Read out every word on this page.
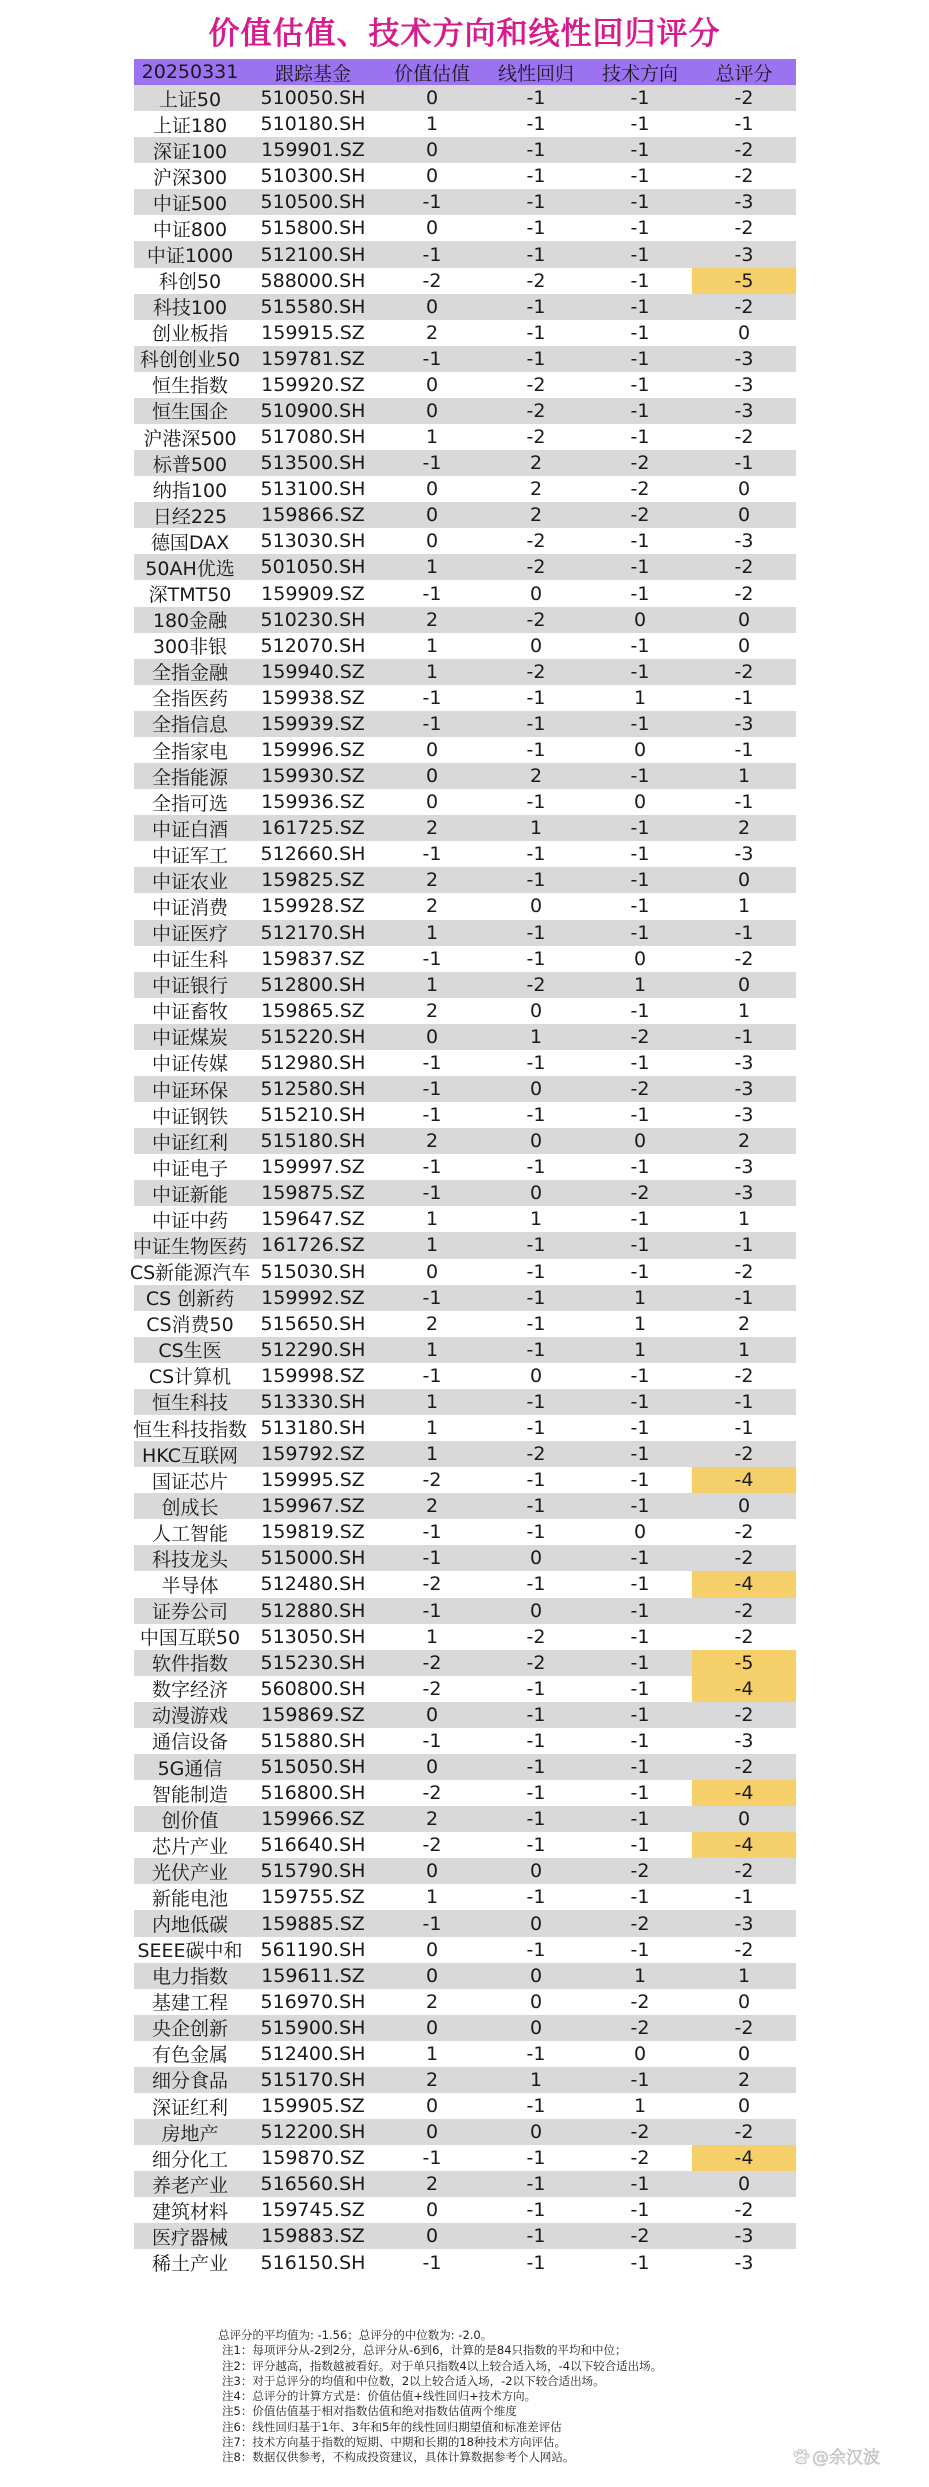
价值估值、技术方向和线性回归评分
20250331	跟踪基金	价值估值	线性回归	技术方向	总评分
上证50	510050.SH	0	-1	-1	-2
上证180	510180.SH	1	-1	-1	-1
深证100	159901.SZ	0	-1	-1	-2
沪深300	510300.SH	0	-1	-1	-2
中证500	510500.SH	-1	-1	-1	-3
中证800	515800.SH	0	-1	-1	-2
中证1000	512100.SH	-1	-1	-1	-3
科创50	588000.SH	-2	-2	-1	-5
科技100	515580.SH	0	-1	-1	-2
创业板指	159915.SZ	2	-1	-1	0
科创创业50	159781.SZ	-1	-1	-1	-3
恒生指数	159920.SZ	0	-2	-1	-3
恒生国企	510900.SH	0	-2	-1	-3
沪港深500	517080.SH	1	-2	-1	-2
标普500	513500.SH	-1	2	-2	-1
纳指100	513100.SH	0	2	-2	0
日经225	159866.SZ	0	2	-2	0
德国DAX	513030.SH	0	-2	-1	-3
50AH优选	501050.SH	1	-2	-1	-2
深TMT50	159909.SZ	-1	0	-1	-2
180金融	510230.SH	2	-2	0	0
300非银	512070.SH	1	0	-1	0
全指金融	159940.SZ	1	-2	-1	-2
全指医药	159938.SZ	-1	-1	1	-1
全指信息	159939.SZ	-1	-1	-1	-3
全指家电	159996.SZ	0	-1	0	-1
全指能源	159930.SZ	0	2	-1	1
全指可选	159936.SZ	0	-1	0	-1
中证白酒	161725.SZ	2	1	-1	2
中证军工	512660.SH	-1	-1	-1	-3
中证农业	159825.SZ	2	-1	-1	0
中证消费	159928.SZ	2	0	-1	1
中证医疗	512170.SH	1	-1	-1	-1
中证生科	159837.SZ	-1	-1	0	-2
中证银行	512800.SH	1	-2	1	0
中证畜牧	159865.SZ	2	0	-1	1
中证煤炭	515220.SH	0	1	-2	-1
中证传媒	512980.SH	-1	-1	-1	-3
中证环保	512580.SH	-1	0	-2	-3
中证钢铁	515210.SH	-1	-1	-1	-3
中证红利	515180.SH	2	0	0	2
中证电子	159997.SZ	-1	-1	-1	-3
中证新能	159875.SZ	-1	0	-2	-3
中证中药	159647.SZ	1	1	-1	1
中证生物医药 161726.SZ	1	-1	-1	-1
CS新能源汽车 515030.SH	0	-1	-1	-2
CS 创新药	159992.SZ	-1	-1	1	-1
CS消费50	515650.SH	2	-1	1	2
CS生医	512290.SH	1	-1	1	1
CS计算机	159998.SZ	-1	0	-1	-2
恒生科技	513330.SH	1	-1	-1	-1
恒生科技指数 513180.SH	1	-1	-1	-1
HKC互联网	159792.SZ	1	-2	-1	-2
国证芯片	159995.SZ	-2	-1	-1	-4
创成长	159967.SZ	2	-1	-1	0
人工智能	159819.SZ	-1	-1	0	-2
科技龙头	515000.SH	-1	0	-1	-2
半导体	512480.SH	-2	-1	-1	-4
证券公司	512880.SH	-1	0	-1	-2
中国互联50	513050.SH	1	-2	-1	-2
软件指数	515230.SH	-2	-2	-1	-5
数字经济	560800.SH	-2	-1	-1	-4
动漫游戏	159869.SZ	0	-1	-1	-2
通信设备	515880.SH	-1	-1	-1	-3
5G通信	515050.SH	0	-1	-1	-2
智能制造	516800.SH	-2	-1	-1	-4
创价值	159966.SZ	2	-1	-1	0
芯片产业	516640.SH	-2	-1	-1	-4
光伏产业	515790.SH	0	0	-2	-2
新能电池	159755.SZ	1	-1	-1	-1
内地低碳	159885.SZ	-1	0	-2	-3
SEEE碳中和 561190.SH	0	-1	-1	-2
电力指数	159611.SZ	0	0	1	1
基建工程	516970.SH	2	0	-2	0
央企创新	515900.SH	0	0	-2	-2
有色金属	512400.SH	1	-1	0	0
细分食品	515170.SH	2	1	-1	2
深证红利	159905.SZ	0	-1	1	0
房地产	512200.SH	0	0	-2	-2
细分化工	159870.SZ	-1	-1	-2	-4
养老产业	516560.SH	2	-1	-1	0
建筑材料	159745.SZ	0	-1	-1	-2
医疗器械	159883.SZ	0	-1	-2	-3
稀土产业	516150.SH	-1	-1	-1	-3
总评分的平均值为: -1.56；总评分的中位数为: -2.0。
注1：每项评分从-2到2分，总评分从-6到6，计算的是84只指数的平均和中位；
注2：评分越高，指数越被看好。对于单只指数4以上较合适入场，-4以下较合适出场。
注3：对于总评分的均值和中位数，2以上较合适入场，-2以下较合适出场。
注4：总评分的计算方式是：价值估值+线性回归+技术方向。
注5：价值估值基于相对指数估值和绝对指数估值两个维度
注6：线性回归基于1年、3年和5年的线性回归期望值和标准差评估
注7：技术方向基于指数的短期、中期和长期的18种技术方向评估。
注8：数据仅供参考，不构成投资建议，具体计算数据参考个人网站。	@余汉波
